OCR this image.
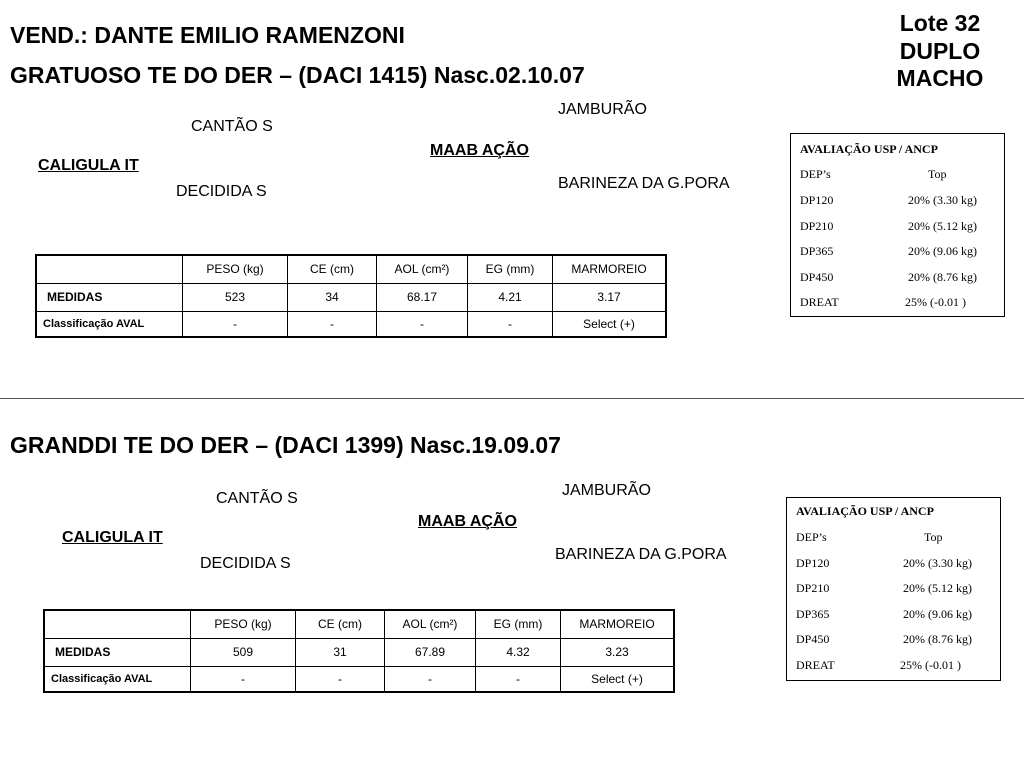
VEND.: DANTE EMILIO RAMENZONI	Lote 32
DUPLO
MACHO
GRATUOSO TE DO DER – (DACI 1415) Nasc.02.10.07
CANTÃO S
CALIGULA IT
DECIDIDA S
JAMBURÃO
MAAB AÇÃO
BARINEZA DA G.PORA
	PESO (kg)	CE (cm)	AOL (cm²)	EG (mm)	MARMOREIO
MEDIDAS	523	34	68.17	4.21	3.17
Classificação AVAL	-	-	-	-	Select (+)
AVALIAÇÃO USP / ANCP
DEP’s	Top
DP120	20% (3.30 kg)
DP210	20% (5.12 kg)
DP365	20% (9.06 kg)
DP450	20% (8.76 kg)
DREAT	25% (-0.01 )
GRANDDI TE DO DER – (DACI 1399) Nasc.19.09.07
CANTÃO S
CALIGULA IT
DECIDIDA S
JAMBURÃO
MAAB AÇÃO
BARINEZA DA G.PORA
	PESO (kg)	CE (cm)	AOL (cm²)	EG (mm)	MARMOREIO
MEDIDAS	509	31	67.89	4.32	3.23
Classificação AVAL	-	-	-	-	Select (+)
AVALIAÇÃO USP / ANCP
DEP’s	Top
DP120	20% (3.30 kg)
DP210	20% (5.12 kg)
DP365	20% (9.06 kg)
DP450	20% (8.76 kg)
DREAT	25% (-0.01 )
